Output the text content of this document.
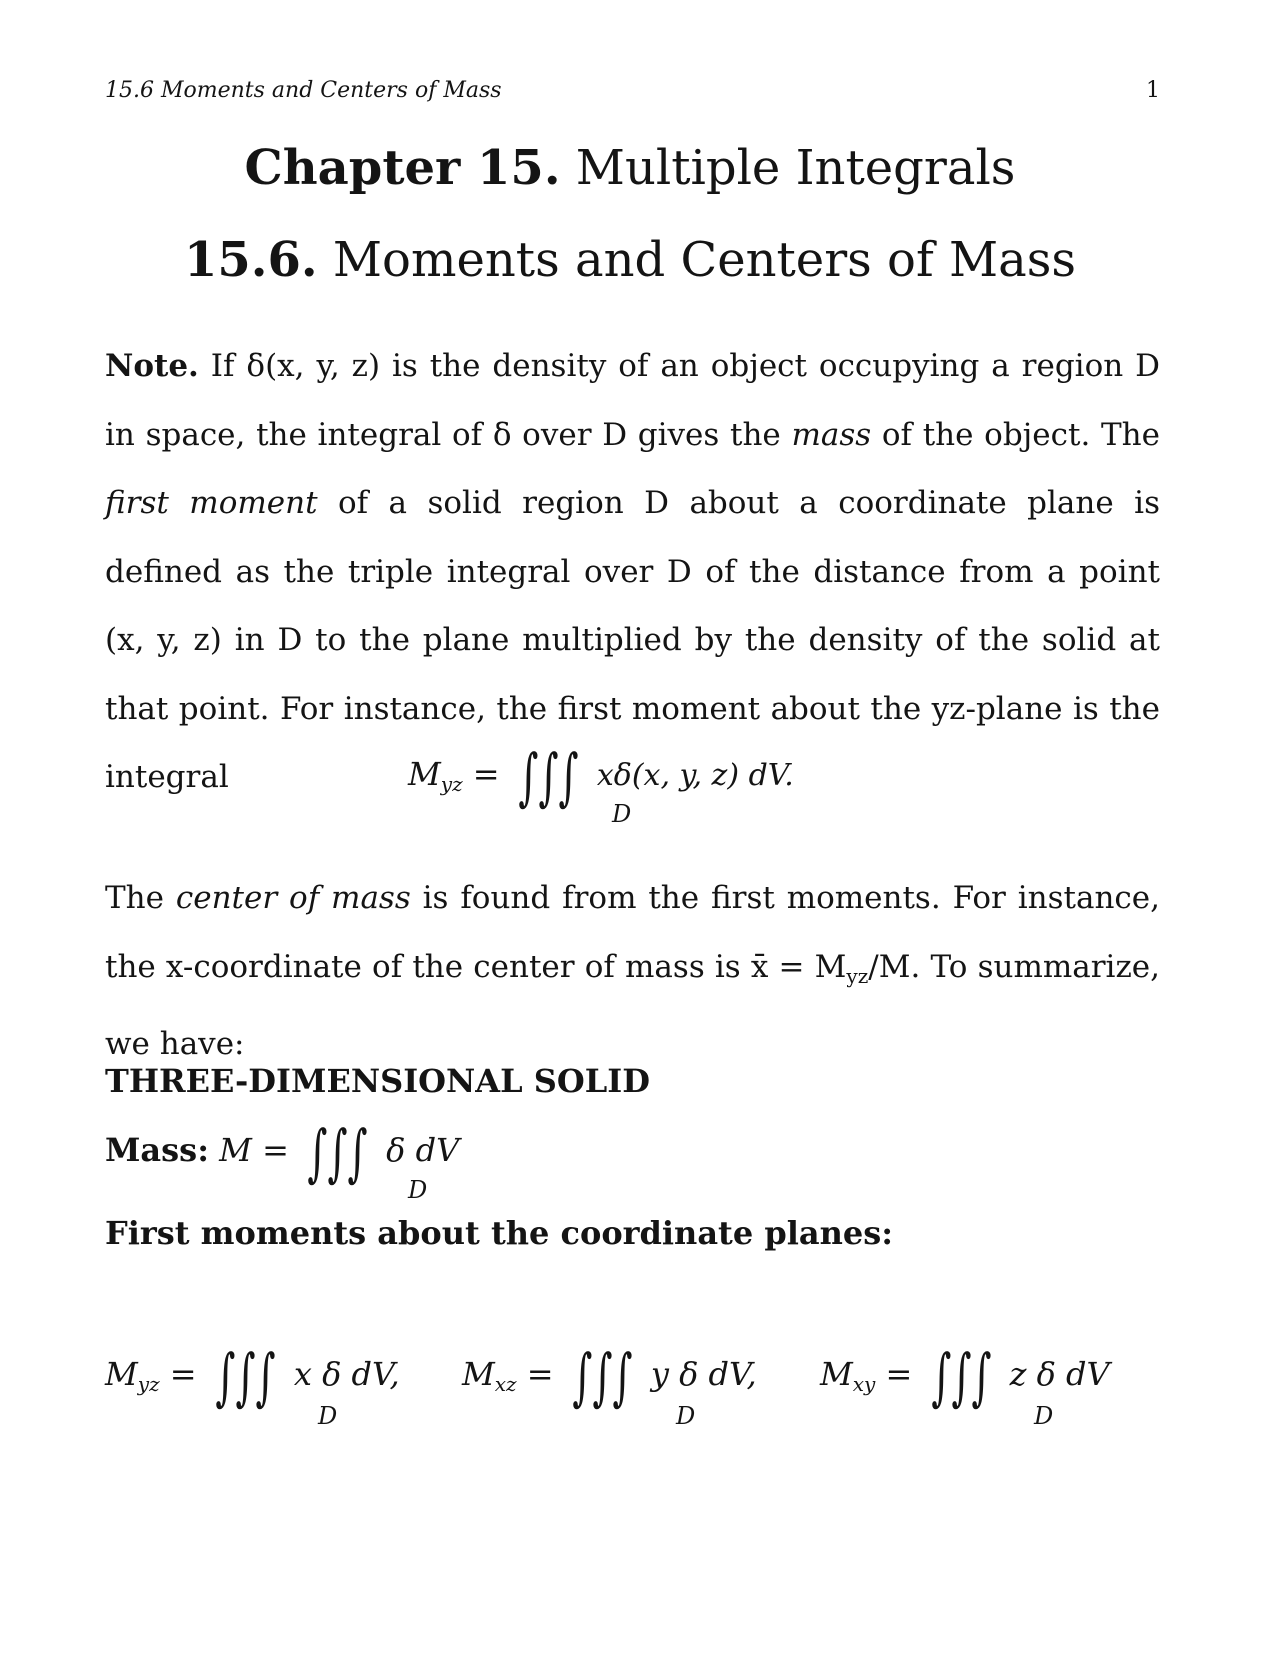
15.6 Moments and Centers of Mass	1
Chapter 15. Multiple Integrals
15.6. Moments and Centers of Mass
Note. If δ(x, y, z) is the density of an object occupying a region D in space, the integral of δ over D gives the mass of the object. The first moment of a solid region D about a coordinate plane is defined as the triple integral over D of the distance from a point (x, y, z) in D to the plane multiplied by the density of the solid at that point. For instance, the first moment about the yz-plane is the integral	$M_{yz}$ = ∫∫∫ xδ(x, y, z) dV.
D
The center of mass is found from the first moments. For instance, the x-coordinate of the center of mass is x̄ = $M_{yz}/M$. To summarize, we have:
THREE-DIMENSIONAL SOLID
Mass: M = ∫∫∫ δ dV
D
First moments about the coordinate planes:
$M_{yz}$ = ∫∫∫ x δ dV,
D
$M_{xz}$ = ∫∫∫ y δ dV,
D
$M_{xy}$ = ∫∫∫ z δ dV
D
